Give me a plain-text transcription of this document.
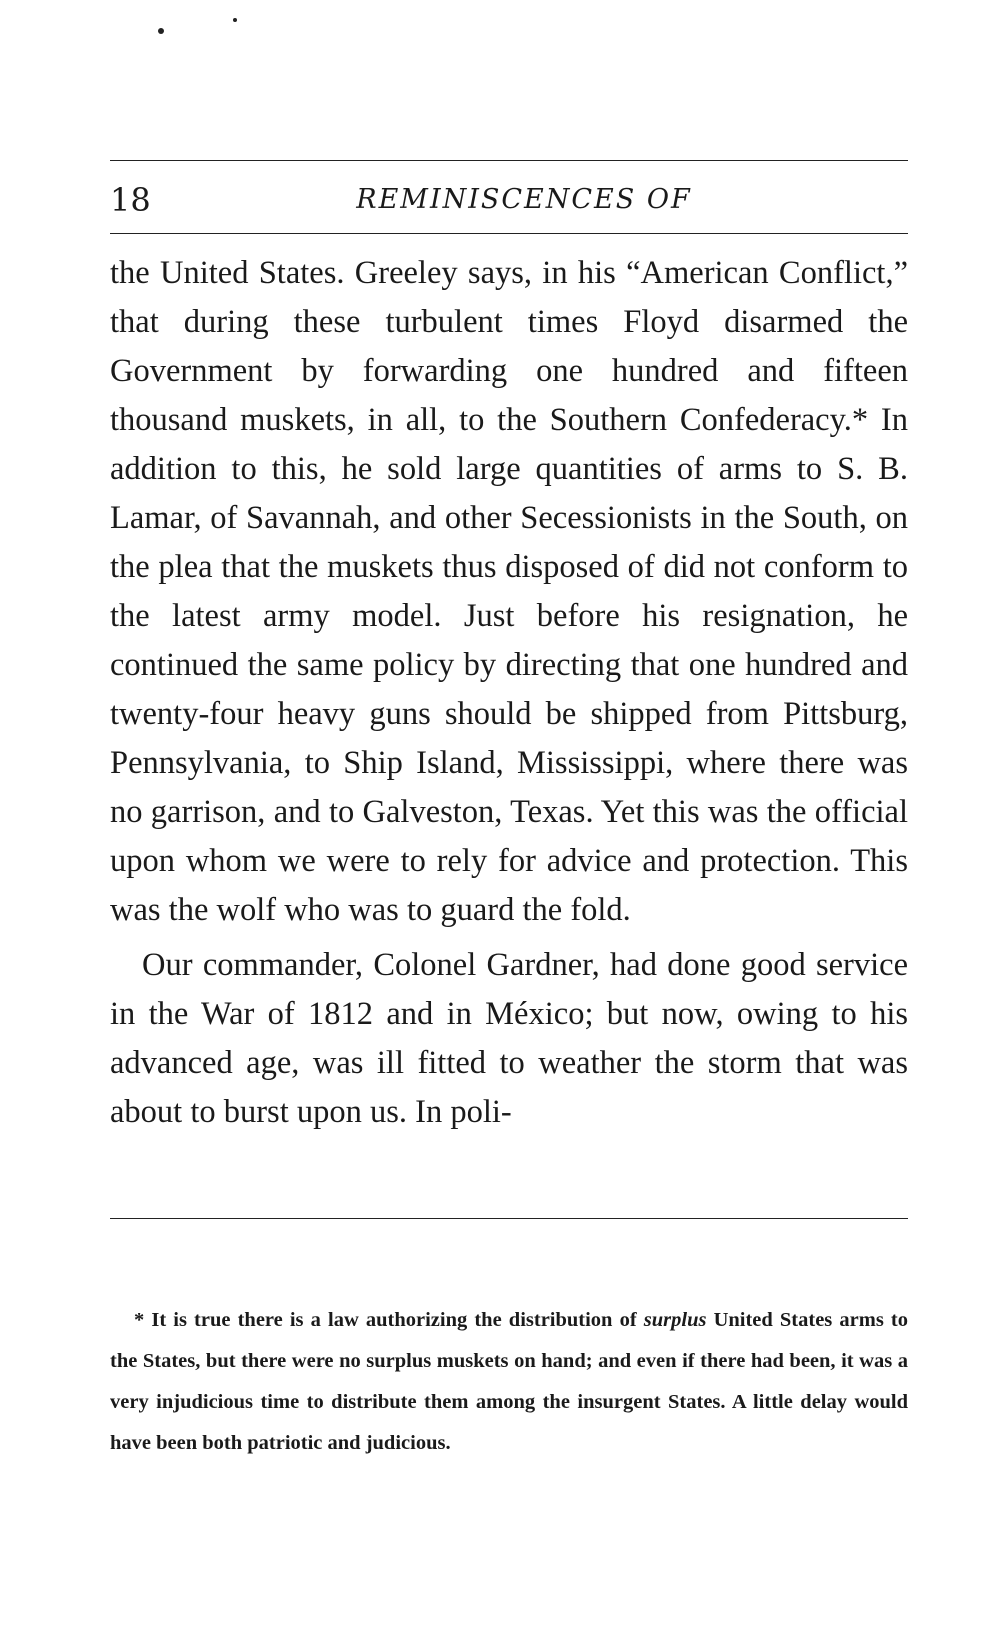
18	REMINISCENCES OF

the United States. Greeley says, in his “American Conflict,” that during these turbulent times Floyd disarmed the Government by forwarding one hundred and fifteen thousand muskets, in all, to the Southern Confederacy.* In addition to this, he sold large quantities of arms to S. B. Lamar, of Savannah, and other Secessionists in the South, on the plea that the muskets thus disposed of did not conform to the latest army model. Just before his resignation, he continued the same policy by directing that one hundred and twenty-four heavy guns should be shipped from Pittsburg, Pennsylvania, to Ship Island, Mississippi, where there was no garrison, and to Galveston, Texas. Yet this was the official upon whom we were to rely for advice and protection. This was the wolf who was to guard the fold.

Our commander, Colonel Gardner, had done good service in the War of 1812 and in México; but now, owing to his advanced age, was ill fitted to weather the storm that was about to burst upon us. In poli-

* It is true there is a law authorizing the distribution of surplus United States arms to the States, but there were no surplus muskets on hand; and even if there had been, it was a very injudicious time to distribute them among the insurgent States. A little delay would have been both patriotic and judicious.
